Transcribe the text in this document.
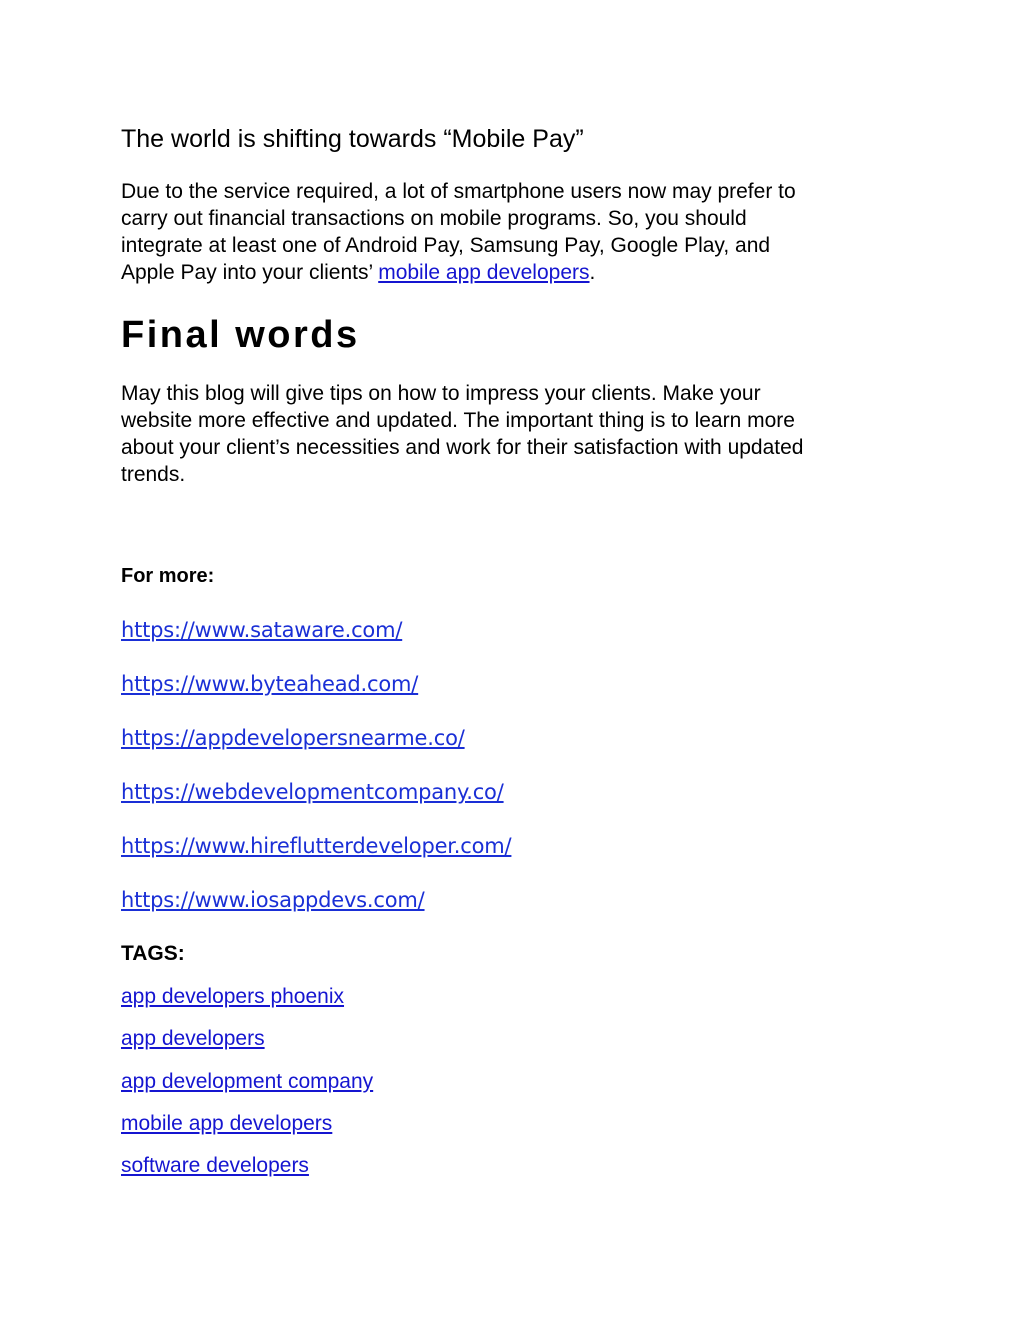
The world is shifting towards “Mobile Pay”

Due to the service required, a lot of smartphone users now may prefer to
carry out financial transactions on mobile programs. So, you should
integrate at least one of Android Pay, Samsung Pay, Google Play, and
Apple Pay into your clients’ mobile app developers.

Final words

May this blog will give tips on how to impress your clients. Make your
website more effective and updated. The important thing is to learn more
about your client’s necessities and work for their satisfaction with updated
trends.

For more:

https://www.sataware.com/
https://www.byteahead.com/
https://appdevelopersnearme.co/
https://webdevelopmentcompany.co/
https://www.hireflutterdeveloper.com/
https://www.iosappdevs.com/

TAGS:

app developers phoenix
app developers
app development company
mobile app developers
software developers
